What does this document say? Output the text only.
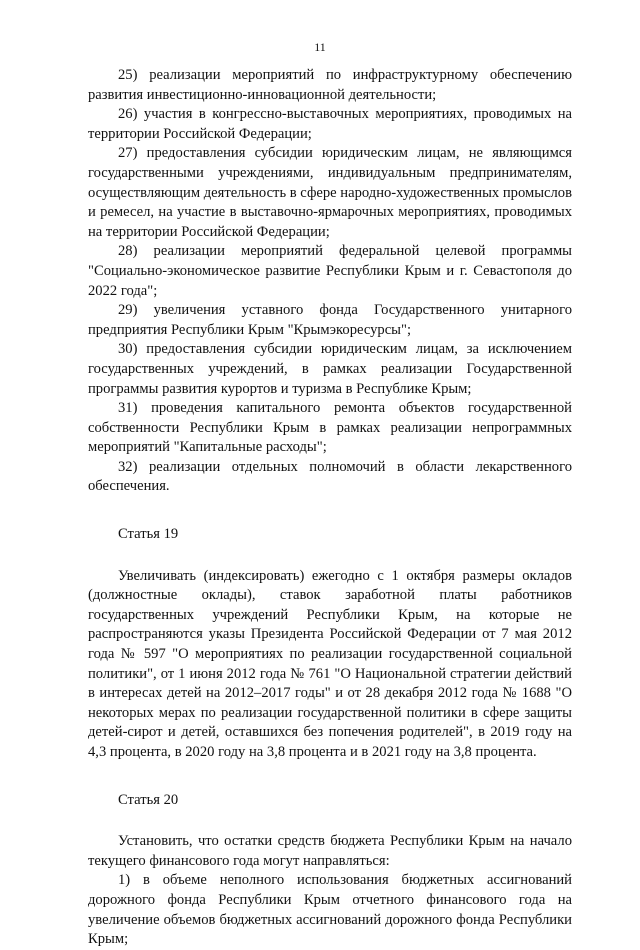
11

25) реализации мероприятий по инфраструктурному обеспечению развития инвестиционно-инновационной деятельности;

26) участия в конгрессно-выставочных мероприятиях, проводимых на территории Российской Федерации;

27) предоставления субсидии юридическим лицам, не являющимся государственными учреждениями, индивидуальным предпринимателям, осуществляющим деятельность в сфере народно-художественных промыслов и ремесел, на участие в выставочно-ярмарочных мероприятиях, проводимых на территории Российской Федерации;

28) реализации мероприятий федеральной целевой программы "Социально-экономическое развитие Республики Крым и г. Севастополя до 2022 года";

29) увеличения уставного фонда Государственного унитарного предприятия Республики Крым "Крымэкоресурсы";

30) предоставления субсидии юридическим лицам, за исключением государственных учреждений, в рамках реализации Государственной программы развития курортов и туризма в Республике Крым;

31) проведения капитального ремонта объектов государственной собственности Республики Крым в рамках реализации непрограммных мероприятий "Капитальные расходы";

32) реализации отдельных полномочий в области лекарственного обеспечения.

Статья 19

Увеличивать (индексировать) ежегодно с 1 октября размеры окладов (должностные оклады), ставок заработной платы работников государственных учреждений Республики Крым, на которые не распространяются указы Президента Российской Федерации от 7 мая 2012 года № 597 "О мероприятиях по реализации государственной социальной политики", от 1 июня 2012 года № 761 "О Национальной стратегии действий в интересах детей на 2012–2017 годы" и от 28 декабря 2012 года № 1688 "О некоторых мерах по реализации государственной политики в сфере защиты детей-сирот и детей, оставшихся без попечения родителей", в 2019 году на 4,3 процента, в 2020 году на 3,8 процента и в 2021 году на 3,8 процента.

Статья 20

Установить, что остатки средств бюджета Республики Крым на начало текущего финансового года могут направляться:

1) в объеме неполного использования бюджетных ассигнований дорожного фонда Республики Крым отчетного финансового года на увеличение объемов бюджетных ассигнований дорожного фонда Республики Крым;
